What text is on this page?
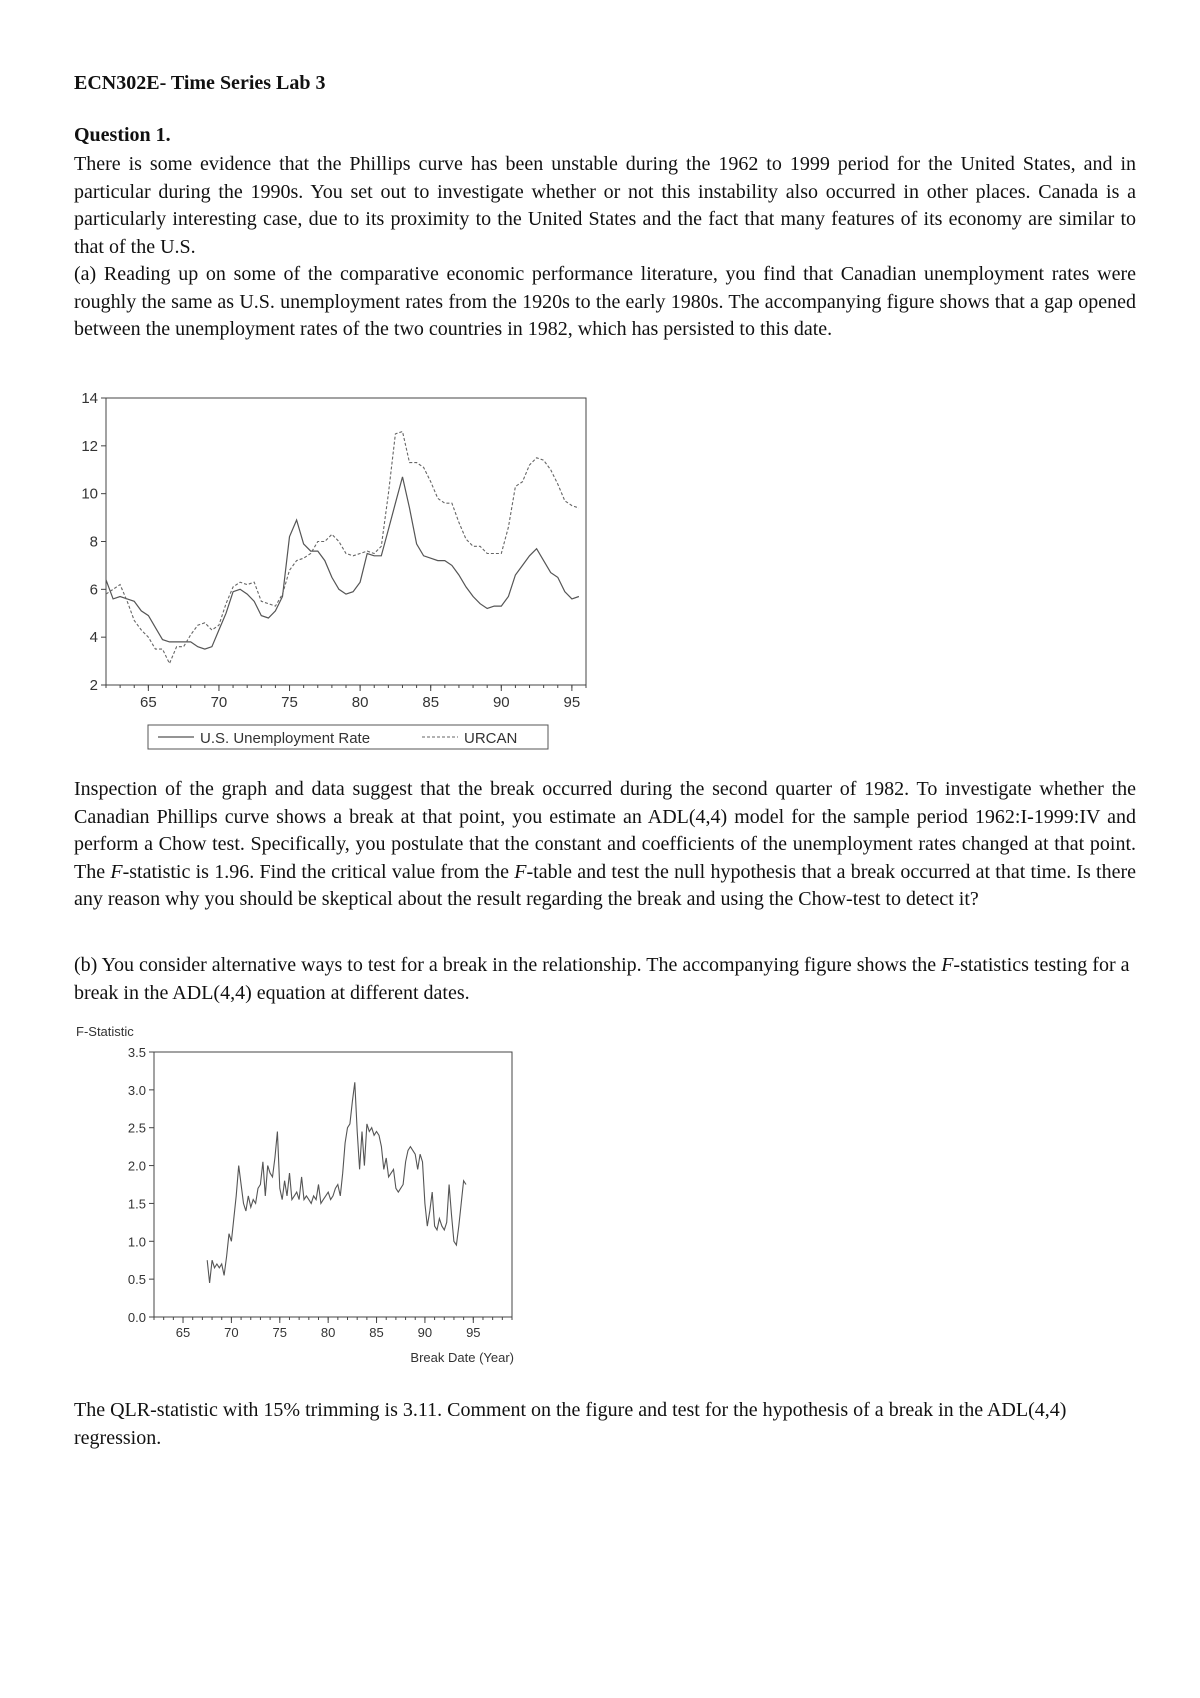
ECN302E- Time Series Lab 3
Question 1.

There is some evidence that the Phillips curve has been unstable during the 1962 to 1999 period for the United States, and in particular during the 1990s. You set out to investigate whether or not this instability also occurred in other places. Canada is a particularly interesting case, due to its proximity to the United States and the fact that many features of its economy are similar to that of the U.S.

(a) Reading up on some of the comparative economic performance literature, you find that Canadian unemployment rates were roughly the same as U.S. unemployment rates from the 1920s to the early 1980s. The accompanying figure shows that a gap opened between the unemployment rates of the two countries in 1982, which has persisted to this date.

2
4
6
8
10
12
14
65	70	75	80	85	90	95
U.S. Unemployment Rate	URCAN

Inspection of the graph and data suggest that the break occurred during the second quarter of 1982. To investigate whether the Canadian Phillips curve shows a break at that point, you estimate an ADL(4,4) model for the sample period 1962:I-1999:IV and perform a Chow test. Specifically, you postulate that the constant and coefficients of the unemployment rates changed at that point. The F-statistic is 1.96. Find the critical value from the F-table and test the null hypothesis that a break occurred at that time. Is there any reason why you should be skeptical about the result regarding the break and using the Chow-test to detect it?

(b) You consider alternative ways to test for a break in the relationship. The accompanying figure shows the F-statistics testing for a break in the ADL(4,4) equation at different dates.

F-Statistic
0.0
0.5
1.0
1.5
2.0
2.5
3.0
3.5
65	70	75	80	85	90	95
Break Date (Year)

The QLR-statistic with 15% trimming is 3.11. Comment on the figure and test for the hypothesis of a break in the ADL(4,4) regression.
